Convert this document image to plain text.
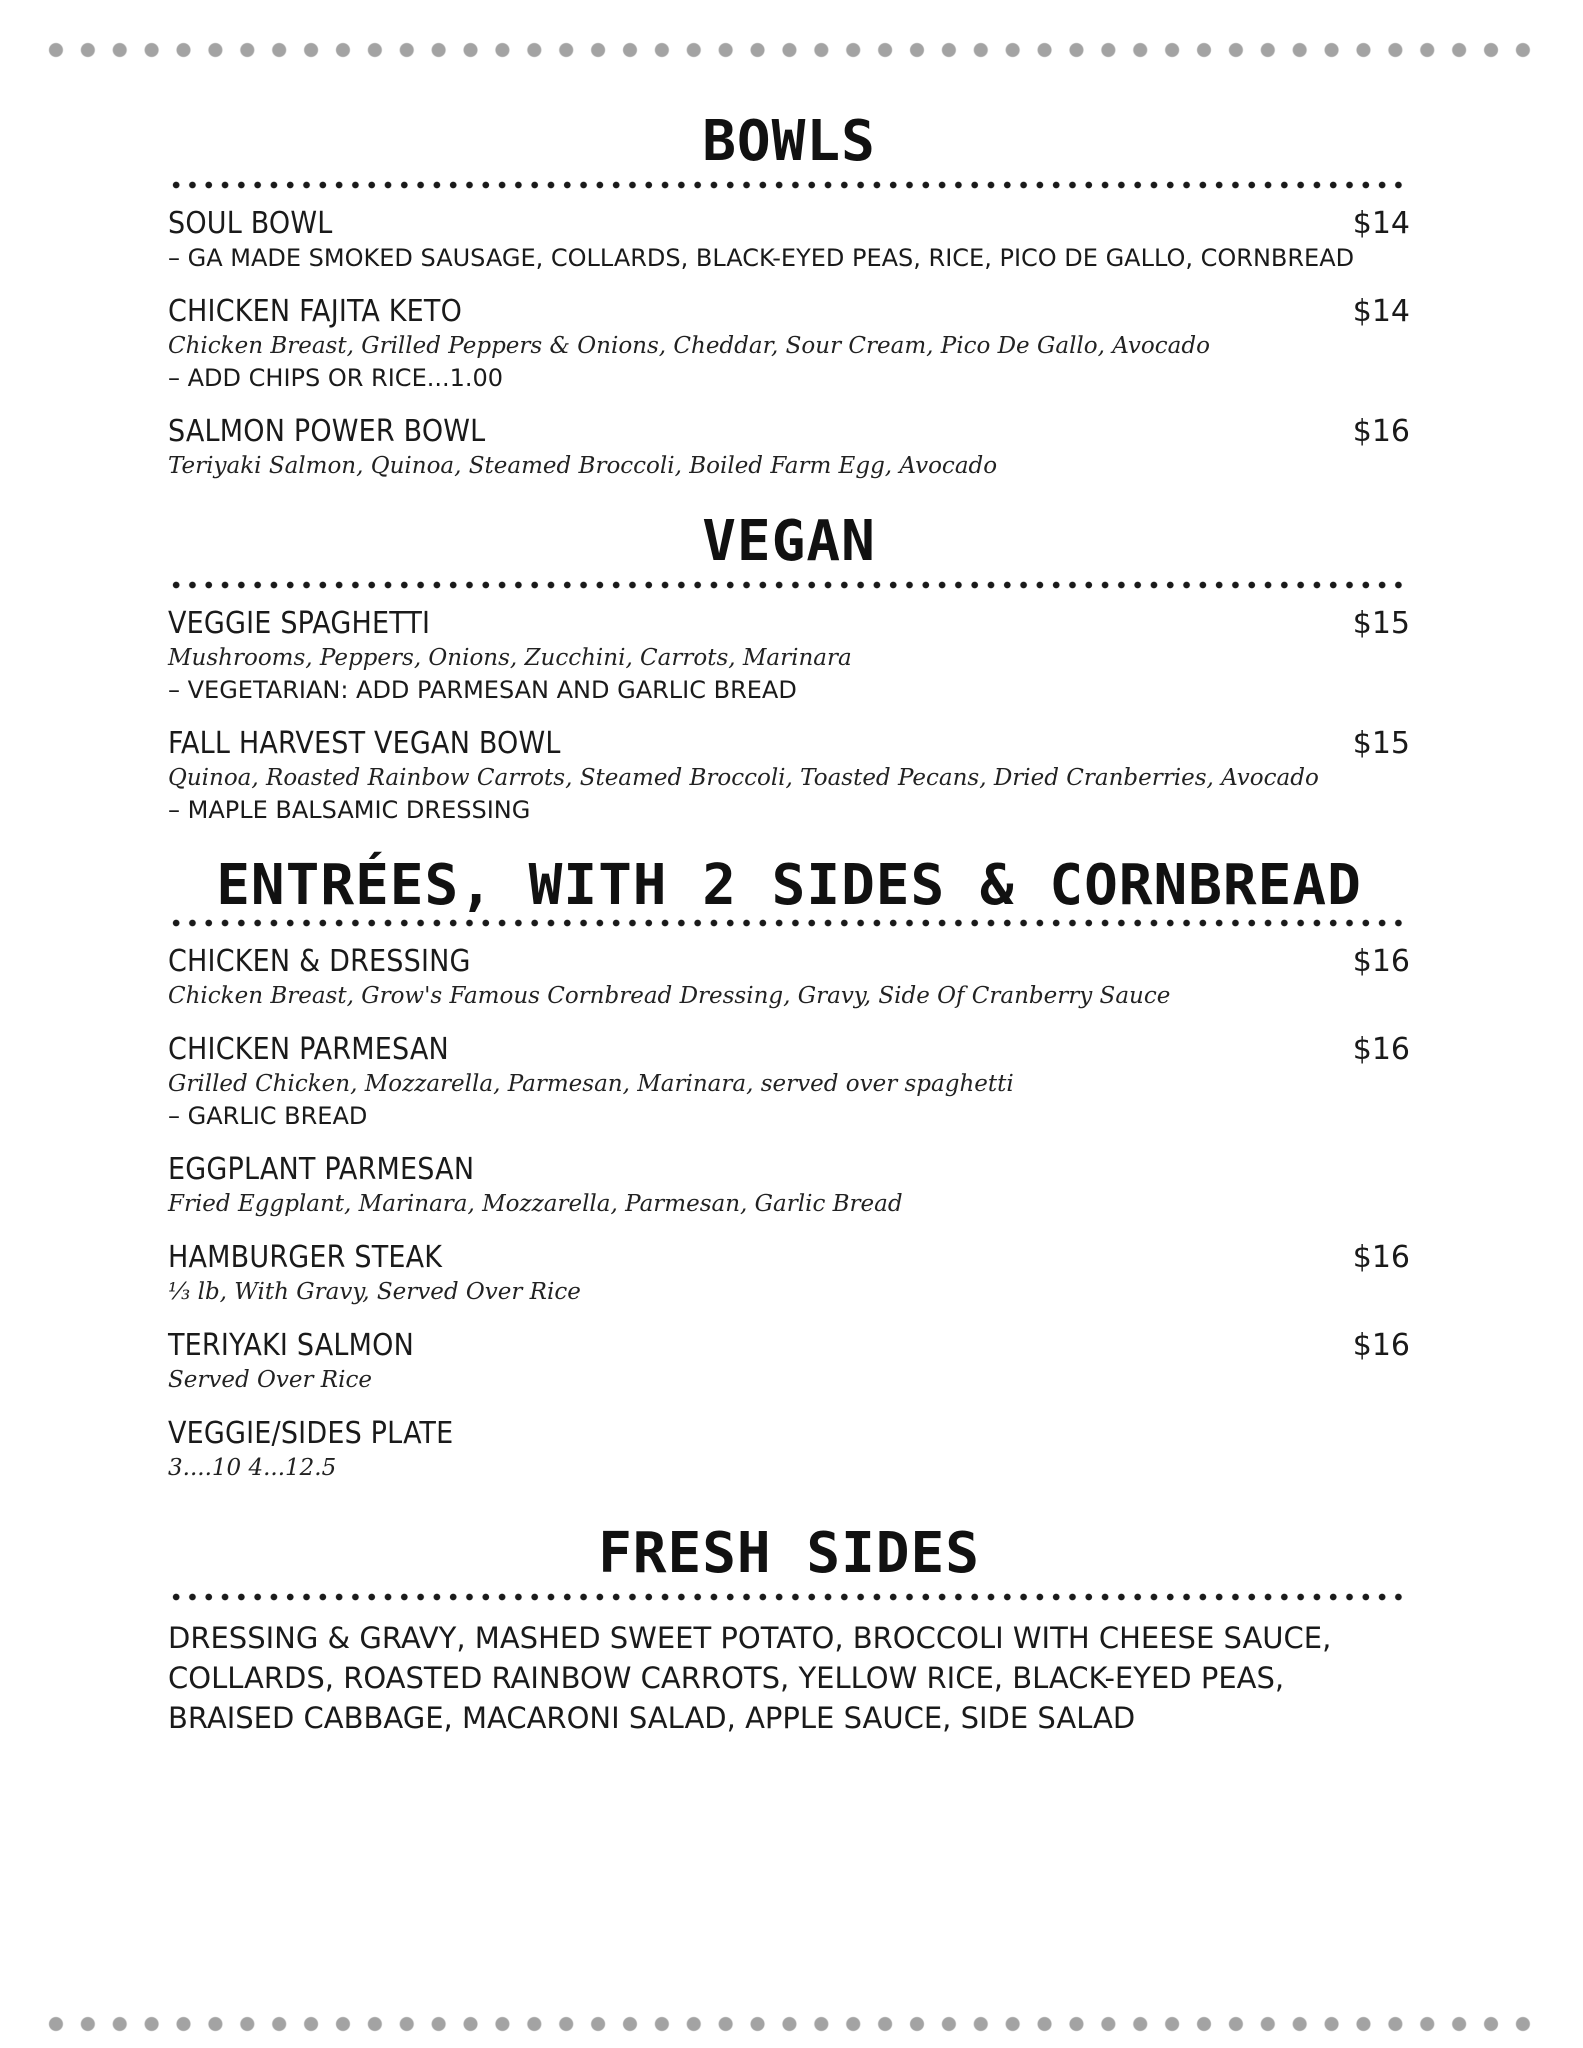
BOWLS
SOUL BOWL	$14
– GA MADE SMOKED SAUSAGE, COLLARDS, BLACK-EYED PEAS, RICE, PICO DE GALLO, CORNBREAD
CHICKEN FAJITA KETO	$14
Chicken Breast, Grilled Peppers & Onions, Cheddar, Sour Cream, Pico De Gallo, Avocado
– ADD CHIPS OR RICE...1.00
SALMON POWER BOWL	$16
Teriyaki Salmon, Quinoa, Steamed Broccoli, Boiled Farm Egg, Avocado
VEGAN
VEGGIE SPAGHETTI	$15
Mushrooms, Peppers, Onions, Zucchini, Carrots, Marinara
– VEGETARIAN: ADD PARMESAN AND GARLIC BREAD
FALL HARVEST VEGAN BOWL	$15
Quinoa, Roasted Rainbow Carrots, Steamed Broccoli, Toasted Pecans, Dried Cranberries, Avocado
– MAPLE BALSAMIC DRESSING
ENTRÉES, WITH 2 SIDES & CORNBREAD
CHICKEN & DRESSING	$16
Chicken Breast, Grow's Famous Cornbread Dressing, Gravy, Side Of Cranberry Sauce
CHICKEN PARMESAN	$16
Grilled Chicken, Mozzarella, Parmesan, Marinara, served over spaghetti
– GARLIC BREAD
EGGPLANT PARMESAN
Fried Eggplant, Marinara, Mozzarella, Parmesan, Garlic Bread
HAMBURGER STEAK	$16
⅓ lb, With Gravy, Served Over Rice
TERIYAKI SALMON	$16
Served Over Rice
VEGGIE/SIDES PLATE
3....10 4...12.5
FRESH SIDES

DRESSING & GRAVY, MASHED SWEET POTATO, BROCCOLI WITH CHEESE SAUCE, COLLARDS, ROASTED RAINBOW CARROTS, YELLOW RICE, BLACK-EYED PEAS, BRAISED CABBAGE, MACARONI SALAD, APPLE SAUCE, SIDE SALAD
